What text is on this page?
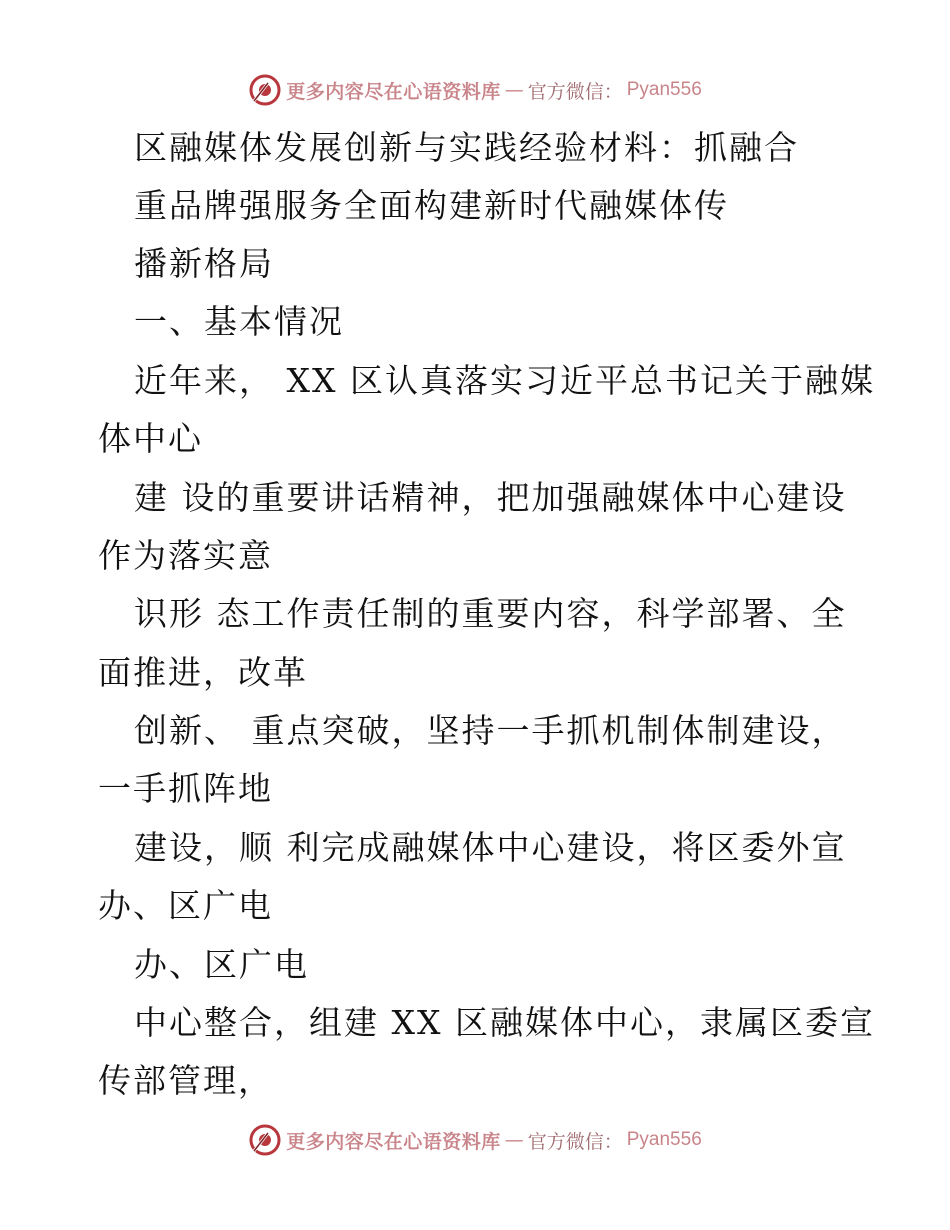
更多内容尽在心语资料库 — 官方微信： Pyan556
区融媒体发展创新与实践经验材料：抓融合
重品牌强服务全面构建新时代融媒体传
播新格局
一、基本情况
近年来， XX 区认真落实习近平总书记关于融媒
体中心
建 设的重要讲话精神，把加强融媒体中心建设
作为落实意
识形 态工作责任制的重要内容，科学部署、全
面推进，改革
创新、 重点突破，坚持一手抓机制体制建设，
一手抓阵地
建设，顺 利完成融媒体中心建设，将区委外宣
办、区广电
办、区广电
中心整合，组建 XX 区融媒体中心，隶属区委宣
传部管理，
更多内容尽在心语资料库 — 官方微信： Pyan556
